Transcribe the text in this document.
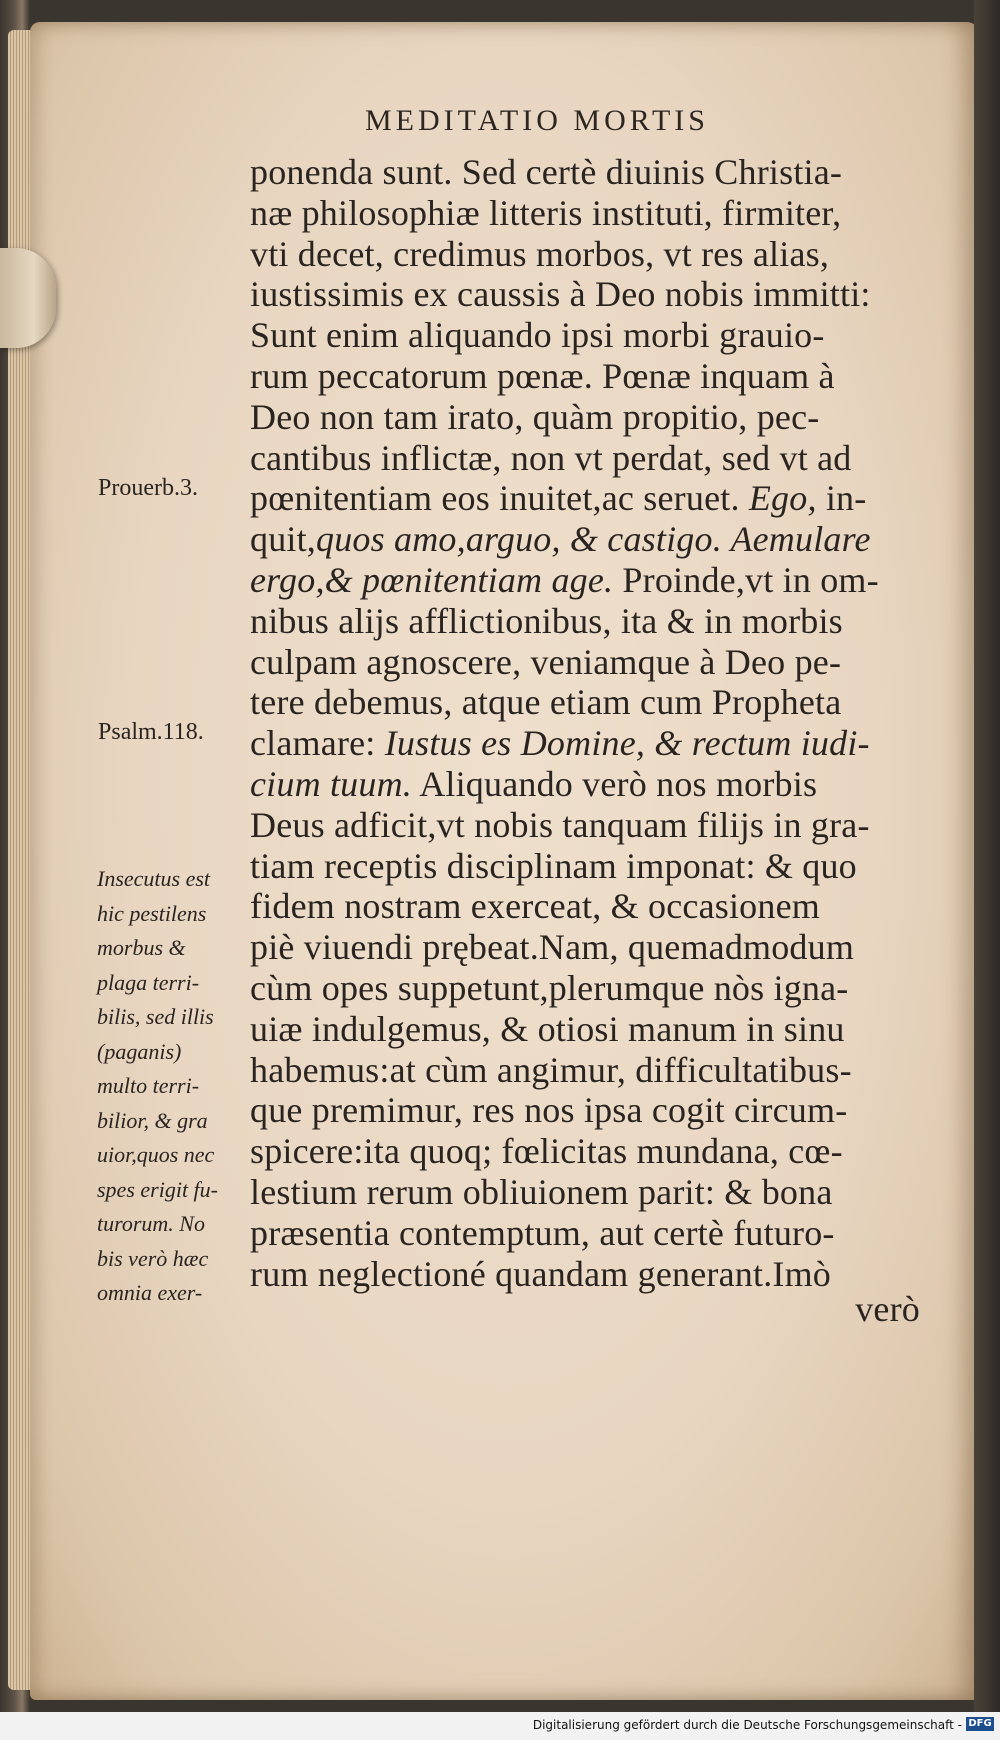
MEDITATIO MORTIS
ponenda sunt. Sed certè diuinis Christia-
næ philosophiæ litteris instituti, firmiter,
vti decet, credimus morbos, vt res alias,
iustissimis ex caussis à Deo nobis immitti:
Sunt enim aliquando ipsi morbi grauio-
rum peccatorum pœnæ. Pœnæ inquam à
Deo non tam irato, quàm propitio, pec-
cantibus inflictæ, non vt perdat, sed vt ad
pœnitentiam eos inuitet,ac seruet. Ego, in-
quit,quos amo,arguo, & castigo. Aemulare
ergo,& pœnitentiam age. Proinde,vt in om-
nibus alijs afflictionibus, ita & in morbis
culpam agnoscere, veniamque à Deo pe-
tere debemus, atque etiam cum Propheta
clamare: Iustus es Domine, & rectum iudi-
cium tuum. Aliquando verò nos morbis
Deus adficit,vt nobis tanquam filijs in gra-
tiam receptis disciplinam imponat: & quo
fidem nostram exerceat, & occasionem
piè viuendi prębeat.Nam, quemadmodum
cùm opes suppetunt,plerumque nòs igna-
uiæ indulgemus, & otiosi manum in sinu
habemus:at cùm angimur, difficultatibus-
que premimur, res nos ipsa cogit circum-
spicere:ita quoq; fœlicitas mundana, cœ-
lestium rerum obliuionem parit: & bona
præsentia contemptum, aut certè futuro-
rum neglectioné quandam generant.Imò
verò
Prouerb.3.
Psalm.118.
Insecutus est
hic pestilens
morbus &
plaga terri-
bilis, sed illis
(paganis)
multo terri-
bilior, & gra
uior,quos nec
spes erigit fu-
turorum. No
bis verò hæc
omnia exer-
Digitalisierung gefördert durch die Deutsche Forschungsgemeinschaft - DFG
